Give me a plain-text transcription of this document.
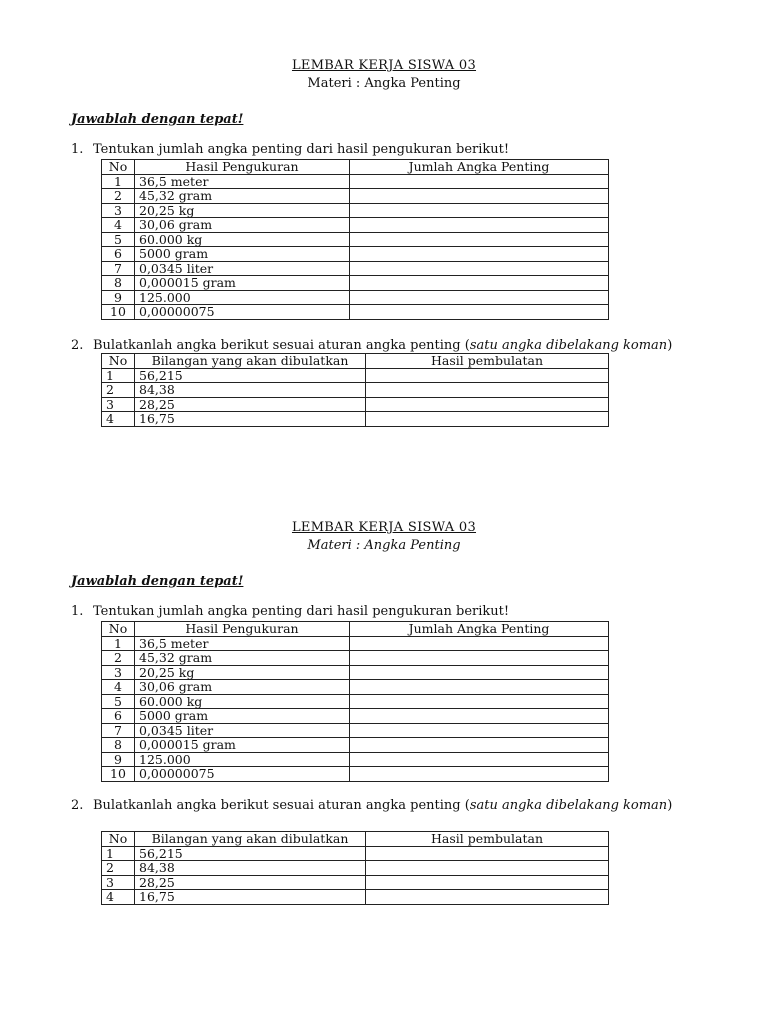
LEMBAR KERJA SISWA 03

Materi : Angka Penting

Jawablah dengan tepat!

1. Tentukan jumlah angka penting dari hasil pengukuran berikut!

No	Hasil Pengukuran	Jumlah Angka Penting
1	36,5 meter	
2	45,32 gram	
3	20,25 kg	
4	30,06 gram	
5	60.000 kg	
6	5000 gram	
7	0,0345 liter	
8	0,000015 gram	
9	125.000	
10	0,00000075	

2. Bulatkanlah angka berikut sesuai aturan angka penting (satu angka dibelakang koman)

No	Bilangan yang akan dibulatkan	Hasil pembulatan
1	56,215	
2	84,38	
3	28,25	
4	16,75	

LEMBAR KERJA SISWA 03

Materi : Angka Penting

Jawablah dengan tepat!

1. Tentukan jumlah angka penting dari hasil pengukuran berikut!

No	Hasil Pengukuran	Jumlah Angka Penting
1	36,5 meter	
2	45,32 gram	
3	20,25 kg	
4	30,06 gram	
5	60.000 kg	
6	5000 gram	
7	0,0345 liter	
8	0,000015 gram	
9	125.000	
10	0,00000075	

2. Bulatkanlah angka berikut sesuai aturan angka penting (satu angka dibelakang koman)

No	Bilangan yang akan dibulatkan	Hasil pembulatan
1	56,215	
2	84,38	
3	28,25	
4	16,75	
